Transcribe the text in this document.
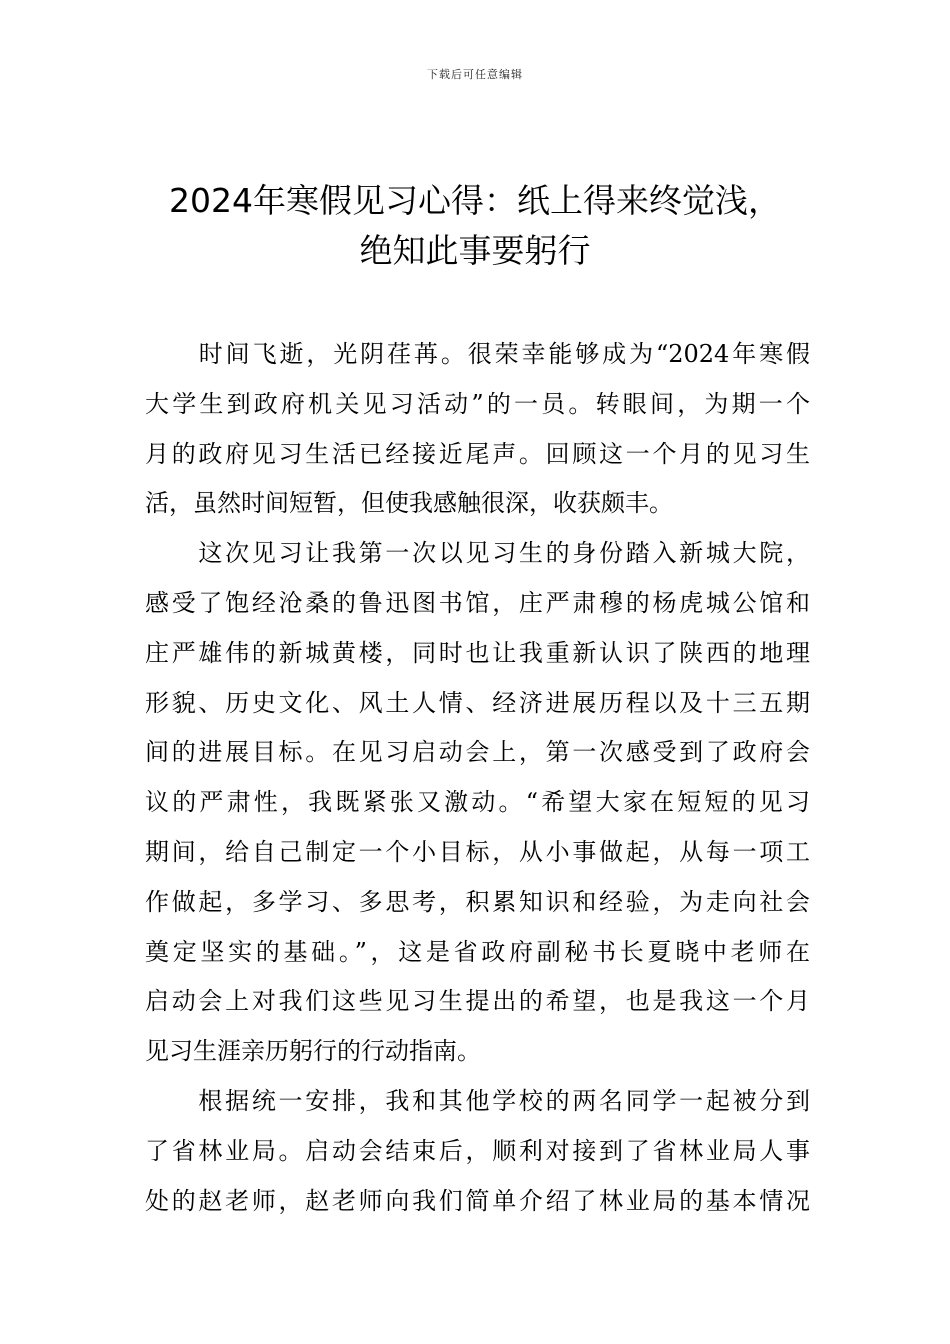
下载后可任意编辑
2024年寒假见习心得：纸上得来终觉浅，
绝知此事要躬行

　　时间飞逝，光阴荏苒。很荣幸能够成为“2024年寒假
大学生到政府机关见习活动”的一员。转眼间，为期一个
月的政府见习生活已经接近尾声。回顾这一个月的见习生
活，虽然时间短暂，但使我感触很深，收获颇丰。

　　这次见习让我第一次以见习生的身份踏入新城大院，
感受了饱经沧桑的鲁迅图书馆，庄严肃穆的杨虎城公馆和
庄严雄伟的新城黄楼，同时也让我重新认识了陕西的地理
形貌、历史文化、风土人情、经济进展历程以及十三五期
间的进展目标。在见习启动会上，第一次感受到了政府会
议的严肃性，我既紧张又激动。“希望大家在短短的见习
期间，给自己制定一个小目标，从小事做起，从每一项工
作做起，多学习、多思考，积累知识和经验，为走向社会
奠定坚实的基础。”，这是省政府副秘书长夏晓中老师在
启动会上对我们这些见习生提出的希望，也是我这一个月
见习生涯亲历躬行的行动指南。

　　根据统一安排，我和其他学校的两名同学一起被分到
了省林业局。启动会结束后，顺利对接到了省林业局人事
处的赵老师，赵老师向我们简单介绍了林业局的基本情况
